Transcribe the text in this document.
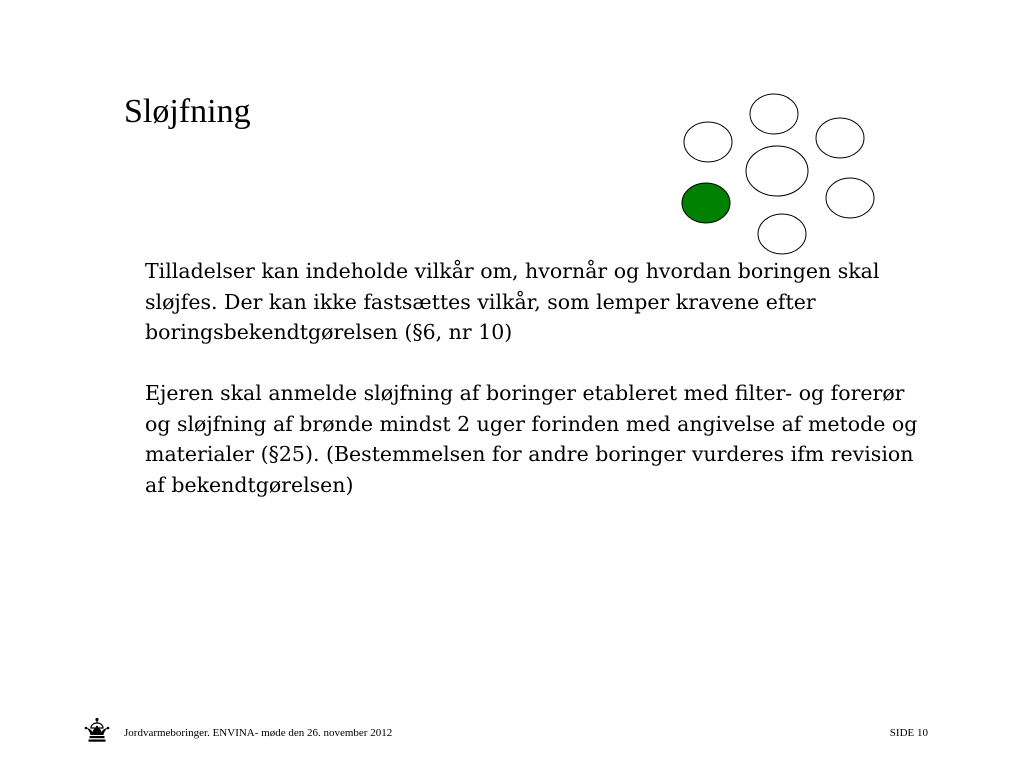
Sløjfning

Tilladelser kan indeholde vilkår om, hvornår og hvordan boringen skal sløjfes. Der kan ikke fastsættes vilkår, som lemper kravene efter boringsbekendtgørelsen (§6, nr 10)

Ejeren skal anmelde sløjfning af boringer etableret med filter- og forerør og sløjfning af brønde mindst 2 uger forinden med angivelse af metode og materialer (§25). (Bestemmelsen for andre boringer vurderes ifm revision af bekendtgørelsen)

Jordvarmeboringer. ENVINA- møde den 26. november 2012	SIDE 10
